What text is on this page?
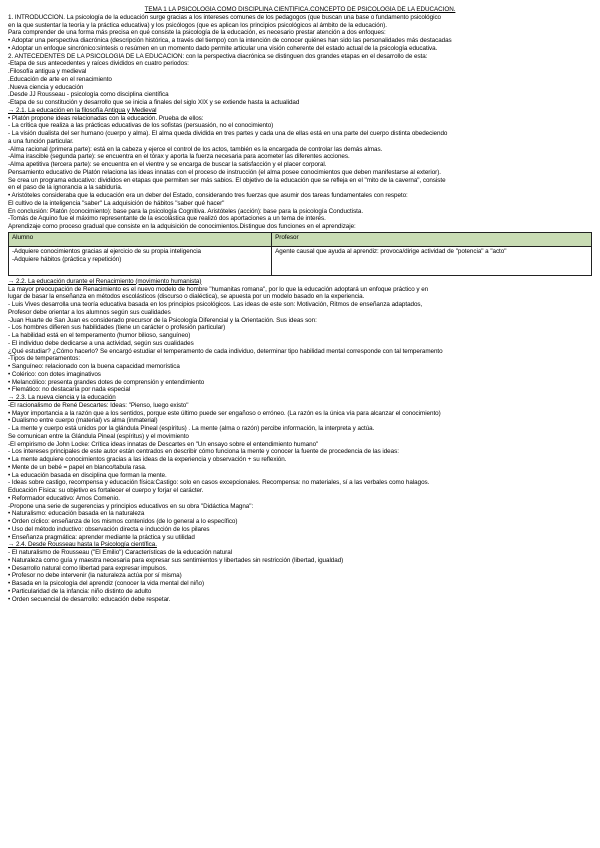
TEMA 1 LA PSICOLOGÍA COMO DISCIPLINA CIENTÍFICA.CONCEPTO DE PSICOLOGÍA DE LA EDUCACIÓN.
1. INTRODUCCIÓN. La psicología de la educación surge gracias a los intereses comunes de los pedagogos (que buscan una base o fundamento psicológico
en la que sustentar la teoría y la práctica educativa) y los psicólogos (que es aplican los principios psicológicos al ámbito de la educación).
Para comprender de una forma más precisa en qué consiste la psicología de la educación, es necesario prestar atención a dos enfoques:
• Adoptar una perspectiva diacrónica (descripción histórica, a través del tiempo) con la intención de conocer quiénes han sido las personalidades más destacadas
• Adoptar un enfoque sincrónico:síntesis o resúmen en un momento dado permite articular una visión coherente del estado actual de la psicología educativa.
2. ANTECEDENTES DE LA PSICOLOGÍA DE LA EDUCACIÓN: con la perspectiva diacrónica se distinguen dos grandes etapas en el desarrollo de esta:
-Etapa de sus antecedentes y raíces divididos en cuatro periodos:
.Filosofía antigua y medieval
.Educación de arte en el renacimiento
.Nueva ciencia y educación
.Desde JJ Rousseau - psicología como disciplina científica
-Etapa de su constitución y desarrollo que se inicia a finales del siglo XIX y se extiende hasta la actualidad
→ 2.1. La educación en la filosofía Antigua y Medieval
• Platón propone ideas relacionadas con la educación. Prueba de ellos:
- La crítica que realiza a las prácticas educativas de los sofistas (persuasión, no el conocimiento)
- La visión dualista del ser humano (cuerpo y alma). El alma queda dividida en tres partes y cada una de ellas está en una parte del cuerpo distinta obedeciendo
a una función particular.
-Alma racional (primera parte): está en la cabeza y ejerce el control de los actos, también es la encargada de controlar las demás almas.
-Alma irascible (segunda parte): se encuentra en el tórax y aporta la fuerza necesaria para acometer las diferentes acciones.
-Alma apetitiva (tercera parte): se encuentra en el vientre y se encarga de buscar la satisfacción y el placer corporal.
Pensamiento educativo de Platón relaciona las ideas innatas con el proceso de instrucción (el alma posee conocimientos que deben manifestarse al exterior).
Se crea un programa educativo: divididos en etapas que permiten ser más sabios. El objetivo de la educación que se refleja en el "mito de la caverna", consiste
en el paso de la ignorancia a la sabiduría.
• Aristóteles consideraba que la educación era un deber del Estado, considerando tres fuerzas que asumir dos tareas fundamentales con respeto:
El cultivo de la inteligencia "saber" La adquisición de hábitos "saber qué hacer"
En conclusión: Platón (conocimiento): base para la psicología Cognitiva. Aristóteles (acción): base para la psicología Conductista.
-Tomás de Aquino fue el máximo representante de la escolástica que realizó dos aportaciones a un tema de interés.
Aprendizaje como proceso gradual que consiste en la adquisición de conocimientos.Distingue dos funciones en el aprendizaje:
Alumno	Profesor

-Adquiere conocimientos gracias al ejercicio de su propia inteligencia
-Adquiere hábitos (práctica y repetición)	Agente causal que ayuda al aprendiz: provoca/dirige actividad de "potencia" a "acto"
→ 2.2. La educación durante el Renacimiento (movimiento humanista)
La mayor preocupación de Renacimiento es el nuevo modelo de hombre "humanitas romana", por lo que la educación adoptará un enfoque práctico y en
lugar de basar la enseñanza en métodos escolásticos (discurso o dialéctica), se apuesta por un modelo basado en la experiencia.
- Luis Vives desarrolla una teoría educativa basada en los principios psicológicos. Las ideas de este son: Motivación, Ritmos de enseñanza adaptados,
Profesor debe orientar a los alumnos según sus cualidades
-Juan Huarte de San Juan es considerado precursor de la Psicología Diferencial y la Orientación. Sus ideas son:
- Los hombres difieren sus habilidades (tiene un carácter o profesión particular)
- La habilidad está en el temperamento (humor bilioso, sanguíneo)
- El individuo debe dedicarse a una actividad, según sus cualidades
¿Qué estudiar? ¿Cómo hacerlo? Se encargó estudiar el temperamento de cada individuo, determinar tipo habilidad mental corresponde con tal temperamento
-Tipos de temperamentos:
• Sanguíneo: relacionado con la buena capacidad memorística
• Colérico: con dotes imaginativos
• Melancólico: presenta grandes dotes de comprensión y entendimiento
• Flemático: no destacaría por nada especial
→ 2.3. La nueva ciencia y la educación
-El racionalismo de René Descartes: Ideas: "Pienso, luego existo"
• Mayor importancia a la razón que a los sentidos, porque este último puede ser engañoso o erróneo. (La razón es la única vía para alcanzar el conocimiento)
• Dualismo entre cuerpo (material) vs alma (inmaterial)
- La mente y cuerpo está unidos por la glándula Pineal (espíritus) . La mente (alma o razón) percibe información, la interpreta y actúa.
Se comunican entre la Glándula Pineal (espíritus) y el movimiento
-El empirismo de John Locke: Crítica ideas innatas de Descartes en "Un ensayo sobre el entendimiento humano"
- Los intereses principales de este autor están centrados en describir cómo funciona la mente y conocer la fuente de procedencia de las ideas:
• La mente adquiere conocimientos gracias a las ideas de la experiencia y observación + su reflexión.
• Mente de un bebé = papel en blanco/tabula rasa.
• La educación basada en disciplina que forman la mente.
- Ideas sobre castigo, recompensa y educación física:Castigo: solo en casos excepcionales. Recompensa: no materiales, sí a las verbales como halagos.
Educación Física: su objetivo es fortalecer el cuerpo y forjar el carácter.
• Reformador educativo: Amos Comenio.
-Propone una serie de sugerencias y principios educativos en su obra "Didáctica Magna":
• Naturalismo: educación basada en la naturaleza
• Orden cíclico: enseñanza de los mismos contenidos (de lo general a lo específico)
• Uso del método inductivo: observación directa e inducción de los pilares
• Enseñanza pragmática: aprender mediante la práctica y su utilidad
→ 2.4. Desde Rousseau hasta la Psicología científica.
- El naturalismo de Rousseau ("El Emilio") Características de la educación natural
• Naturaleza como guía y maestra necesaria para expresar sus sentimientos y libertades sin restricción (libertad, igualdad)
• Desarrollo natural como libertad para expresar impulsos.
• Profesor no debe intervenir (la naturaleza actúa por sí misma)
• Basada en la psicología del aprendiz (conocer la vida mental del niño)
• Particularidad de la infancia: niño distinto de adulto
• Orden secuencial de desarrollo: educación debe respetar.
